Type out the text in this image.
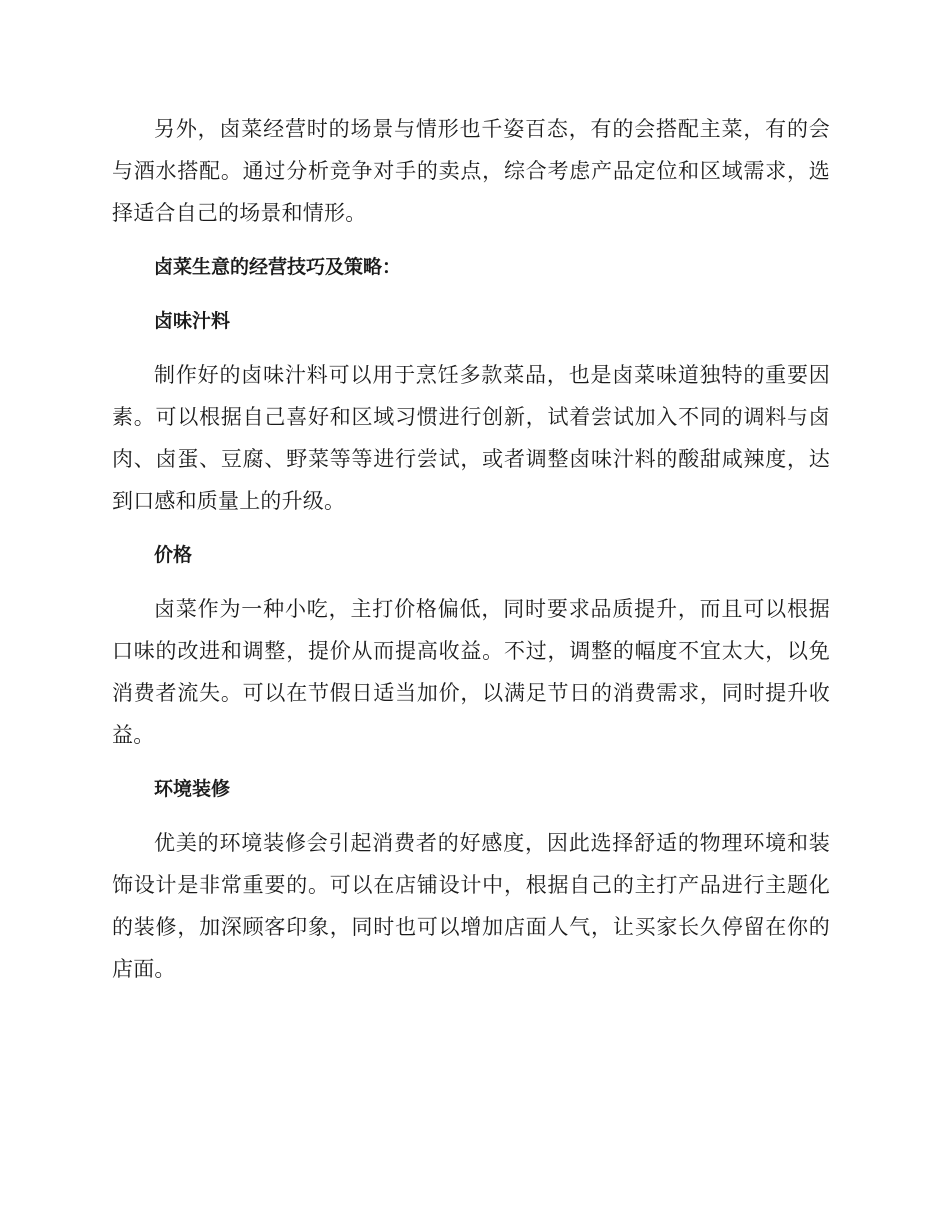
另外，卤菜经营时的场景与情形也千姿百态，有的会搭配主菜，有的会与酒水搭配。通过分析竞争对手的卖点，综合考虑产品定位和区域需求，选择适合自己的场景和情形。

卤菜生意的经营技巧及策略：

卤味汁料

制作好的卤味汁料可以用于烹饪多款菜品，也是卤菜味道独特的重要因素。可以根据自己喜好和区域习惯进行创新，试着尝试加入不同的调料与卤肉、卤蛋、豆腐、野菜等等进行尝试，或者调整卤味汁料的酸甜咸辣度，达到口感和质量上的升级。

价格

卤菜作为一种小吃，主打价格偏低，同时要求品质提升，而且可以根据口味的改进和调整，提价从而提高收益。不过，调整的幅度不宜太大，以免消费者流失。可以在节假日适当加价，以满足节日的消费需求，同时提升收益。

环境装修

优美的环境装修会引起消费者的好感度，因此选择舒适的物理环境和装饰设计是非常重要的。可以在店铺设计中，根据自己的主打产品进行主题化的装修，加深顾客印象，同时也可以增加店面人气，让买家长久停留在你的店面。
